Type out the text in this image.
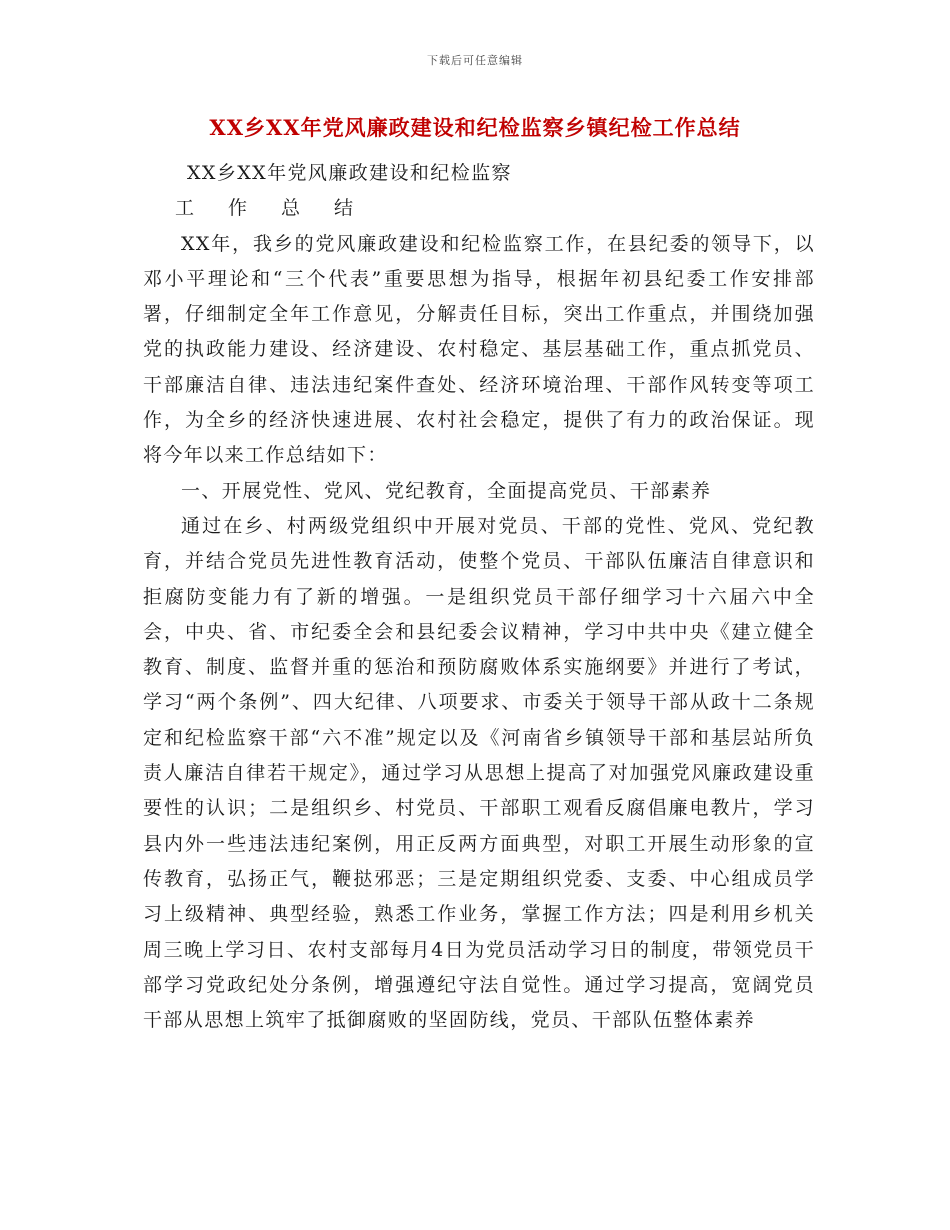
下载后可任意编辑
XX乡XX年党风廉政建设和纪检监察乡镇纪检工作总结

XX乡XX年党风廉政建设和纪检监察

工作总结

XX年，我乡的党风廉政建设和纪检监察工作，在县纪委的领导下，以邓小平理论和“三个代表”重要思想为指导，根据年初县纪委工作安排部署，仔细制定全年工作意见，分解责任目标，突出工作重点，并围绕加强党的执政能力建设、经济建设、农村稳定、基层基础工作，重点抓党员、干部廉洁自律、违法违纪案件查处、经济环境治理、干部作风转变等项工作，为全乡的经济快速进展、农村社会稳定，提供了有力的政治保证。现将今年以来工作总结如下：

一、开展党性、党风、党纪教育，全面提高党员、干部素养

通过在乡、村两级党组织中开展对党员、干部的党性、党风、党纪教育，并结合党员先进性教育活动，使整个党员、干部队伍廉洁自律意识和拒腐防变能力有了新的增强。一是组织党员干部仔细学习十六届六中全会，中央、省、市纪委全会和县纪委会议精神，学习中共中央《建立健全教育、制度、监督并重的惩治和预防腐败体系实施纲要》并进行了考试，学习“两个条例”、四大纪律、八项要求、市委关于领导干部从政十二条规定和纪检监察干部“六不准”规定以及《河南省乡镇领导干部和基层站所负责人廉洁自律若干规定》，通过学习从思想上提高了对加强党风廉政建设重要性的认识；二是组织乡、村党员、干部职工观看反腐倡廉电教片，学习县内外一些违法违纪案例，用正反两方面典型，对职工开展生动形象的宣传教育，弘扬正气，鞭挞邪恶；三是定期组织党委、支委、中心组成员学习上级精神、典型经验，熟悉工作业务，掌握工作方法；四是利用乡机关周三晚上学习日、农村支部每月4日为党员活动学习日的制度，带领党员干部学习党政纪处分条例，增强遵纪守法自觉性。通过学习提高，宽阔党员干部从思想上筑牢了抵御腐败的坚固防线，党员、干部队伍整体素养
